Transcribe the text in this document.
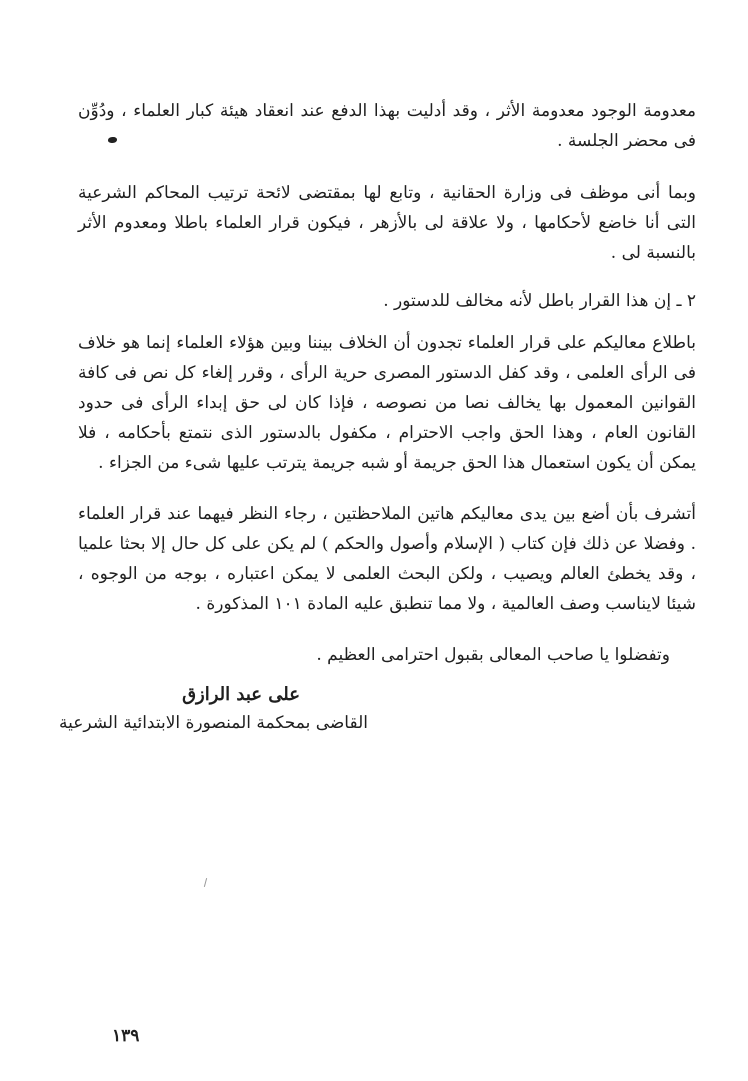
معدومة الوجود معدومة الأثر ، وقد أدليت بهذا الدفع عند انعقاد هيئة كبار العلماء ، ودُوِّن فى محضر الجلسة .
وبما أنى موظف فى وزارة الحقانية ، وتابع لها بمقتضى لائحة ترتيب المحاكم الشرعية التى أنا خاضع لأحكامها ، ولا علاقة لى بالأزهر ، فيكون قرار العلماء باطلا ومعدوم الأثر بالنسبة لى .
٢ ـ إن هذا القرار باطل لأنه مخالف للدستور .
باطلاع معاليكم على قرار العلماء تجدون أن الخلاف بيننا وبين هؤلاء العلماء إنما هو خلاف فى الرأى العلمى ، وقد كفل الدستور المصرى حرية الرأى ، وقرر إلغاء كل نص فى كافة القوانين المعمول بها يخالف نصا من نصوصه ، فإذا كان لى حق إبداء الرأى فى حدود القانون العام ، وهذا الحق واجب الاحترام ، مكفول بالدستور الذى نتمتع بأحكامه ، فلا يمكن أن يكون استعمال هذا الحق جريمة أو شبه جريمة يترتب عليها شىء من الجزاء .
أتشرف بأن أضع بين يدى معاليكم هاتين الملاحظتين ، رجاء النظر فيهما عند قرار العلماء . وفضلا عن ذلك فإن كتاب ( الإسلام وأصول والحكم ) لم يكن على كل حال إلا بحثا علميا ، وقد يخطئ العالم ويصيب ، ولكن البحث العلمى لا يمكن اعتباره ، بوجه من الوجوه ، شيئا لايناسب وصف العالمية ، ولا مما تنطبق عليه المادة ١٠١ المذكورة .
وتفضلوا يا صاحب المعالى بقبول احترامى العظيم .
على عبد الرازق
القاضى بمحكمة المنصورة الابتدائية الشرعية
١٣٩
